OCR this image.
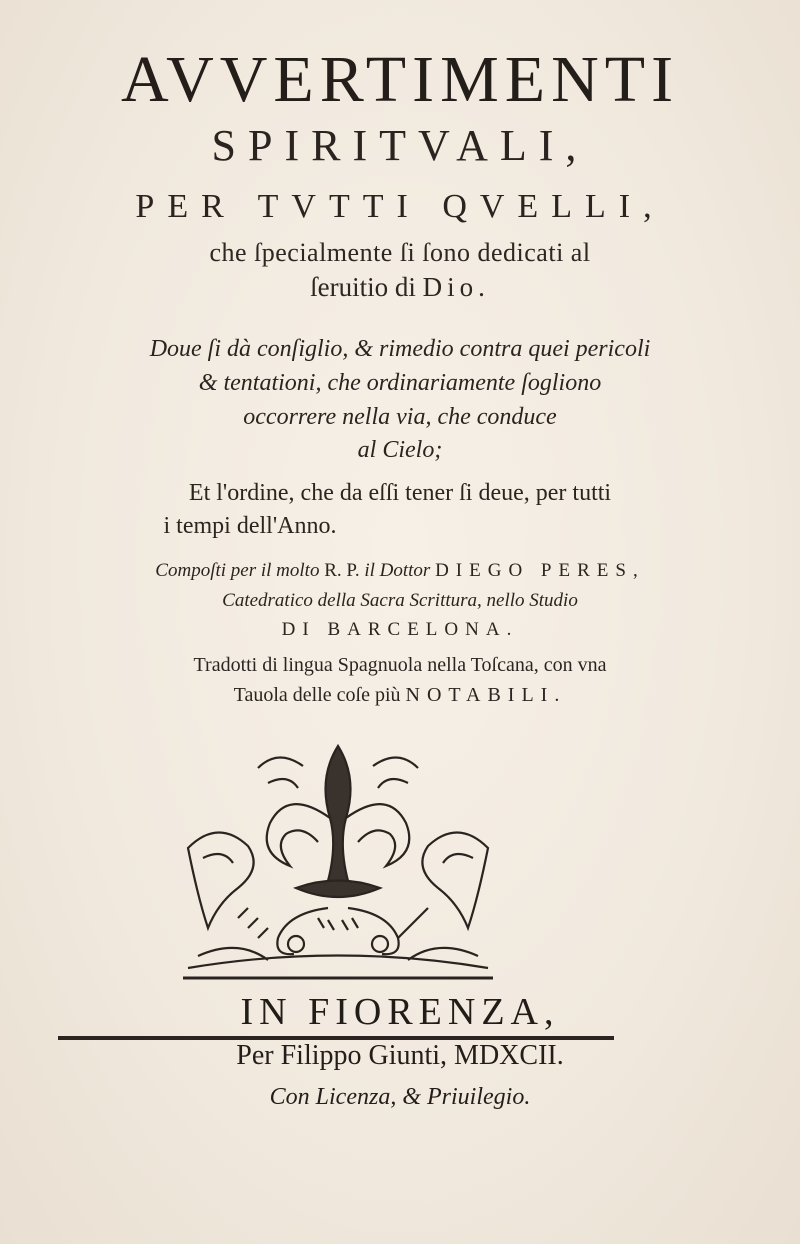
AVVERTIMENTI
SPIRITVALI,
PER TVTTI QVELLI,
che ſpecialmente ſi ſono dedicati al
ſeruitio di Dio.
Doue ſi dà conſiglio, & rimedio contra quei pericoli
& tentationi, che ordinariamente ſogliono
occorrere nella via, che conduce
al Cielo;
Et l'ordine, che da eſſi tener ſi deue, per tutti
i tempi dell'Anno.
Compoſti per il molto R. P. il Dottor DIEGO PERES,
Catedratico della Sacra Scrittura, nello Studio
DI BARCELONA.
Tradotti di lingua Spagnuola nella Toſcana, con vna
Tauola delle coſe più NOTABILI.
IN FIORENZA,
Per Filippo Giunti, MDXCII.
Con Licenza, & Priuilegio.
